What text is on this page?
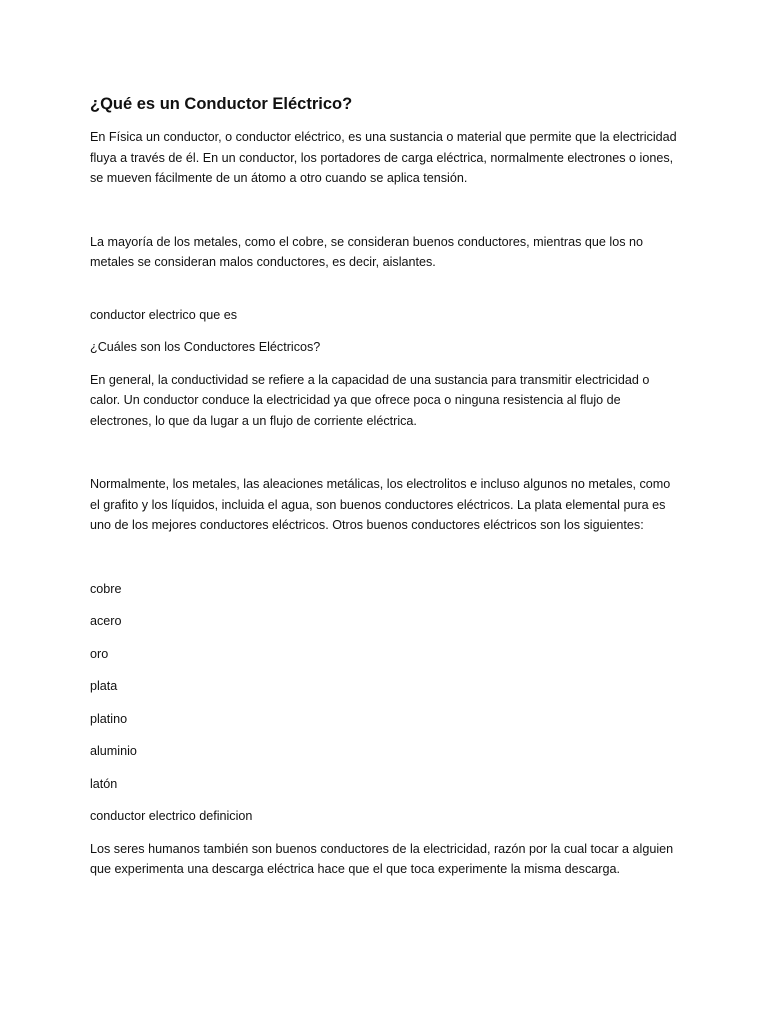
¿Qué es un Conductor Eléctrico?

En Física un conductor, o conductor eléctrico, es una sustancia o material que permite que la electricidad fluya a través de él. En un conductor, los portadores de carga eléctrica, normalmente electrones o iones, se mueven fácilmente de un átomo a otro cuando se aplica tensión.

La mayoría de los metales, como el cobre, se consideran buenos conductores, mientras que los no metales se consideran malos conductores, es decir, aislantes.

conductor electrico que es

¿Cuáles son los Conductores Eléctricos?

En general, la conductividad se refiere a la capacidad de una sustancia para transmitir electricidad o calor. Un conductor conduce la electricidad ya que ofrece poca o ninguna resistencia al flujo de electrones, lo que da lugar a un flujo de corriente eléctrica.

Normalmente, los metales, las aleaciones metálicas, los electrolitos e incluso algunos no metales, como el grafito y los líquidos, incluida el agua, son buenos conductores eléctricos. La plata elemental pura es uno de los mejores conductores eléctricos. Otros buenos conductores eléctricos son los siguientes:

cobre

acero

oro

plata

platino

aluminio

latón

conductor electrico definicion

Los seres humanos también son buenos conductores de la electricidad, razón por la cual tocar a alguien que experimenta una descarga eléctrica hace que el que toca experimente la misma descarga.
